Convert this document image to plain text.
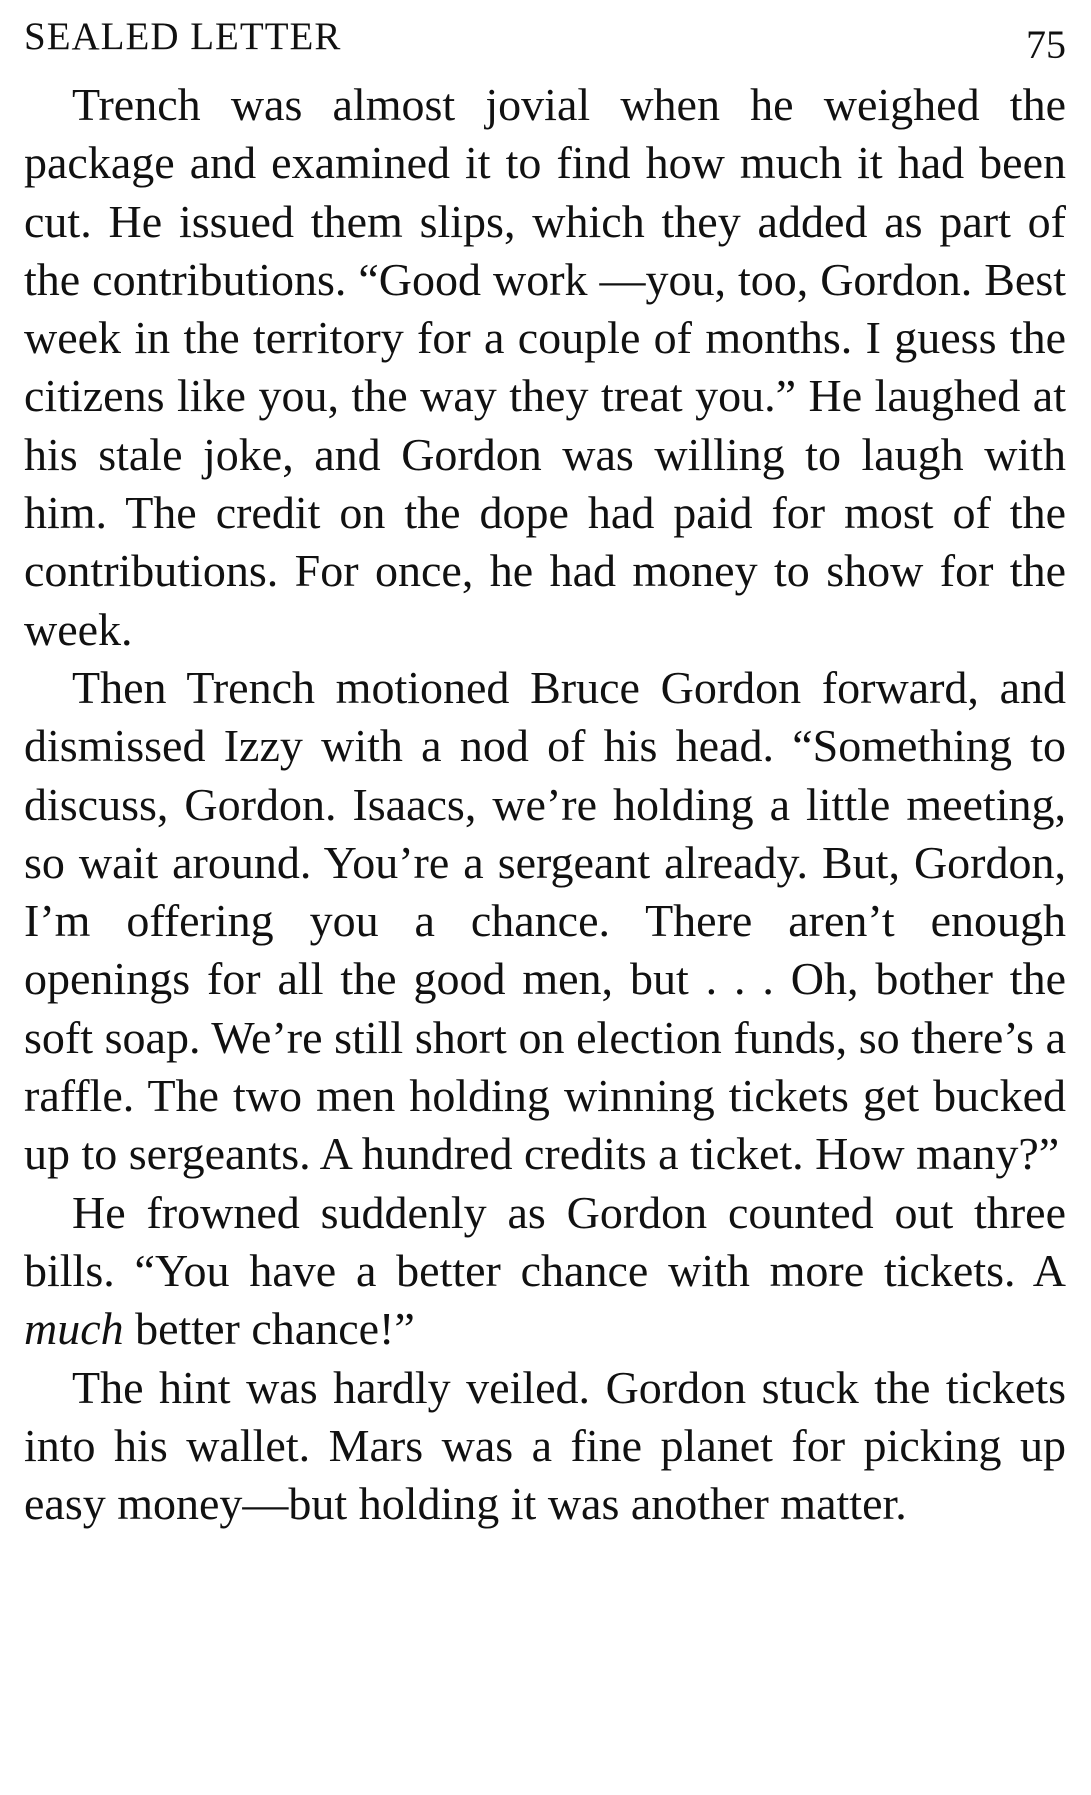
SEALED LETTER	75

Trench was almost jovial when he weighed the package and examined it to find how much it had been cut. He issued them slips, which they added as part of the contributions. “Good work —you, too, Gordon. Best week in the territory for a couple of months. I guess the citizens like you, the way they treat you.” He laughed at his stale joke, and Gordon was willing to laugh with him. The credit on the dope had paid for most of the contributions. For once, he had money to show for the week.

Then Trench motioned Bruce Gordon forward, and dismissed Izzy with a nod of his head. “Something to discuss, Gordon. Isaacs, we’re holding a little meeting, so wait around. You’re a sergeant already. But, Gordon, I’m offering you a chance. There aren’t enough openings for all the good men, but . . . Oh, bother the soft soap. We’re still short on election funds, so there’s a raffle. The two men holding winning tickets get bucked up to sergeants. A hundred credits a ticket. How many?”

He frowned suddenly as Gordon counted out three bills. “You have a better chance with more tickets. A much better chance!”

The hint was hardly veiled. Gordon stuck the tickets into his wallet. Mars was a fine planet for picking up easy money—but holding it was another matter.
